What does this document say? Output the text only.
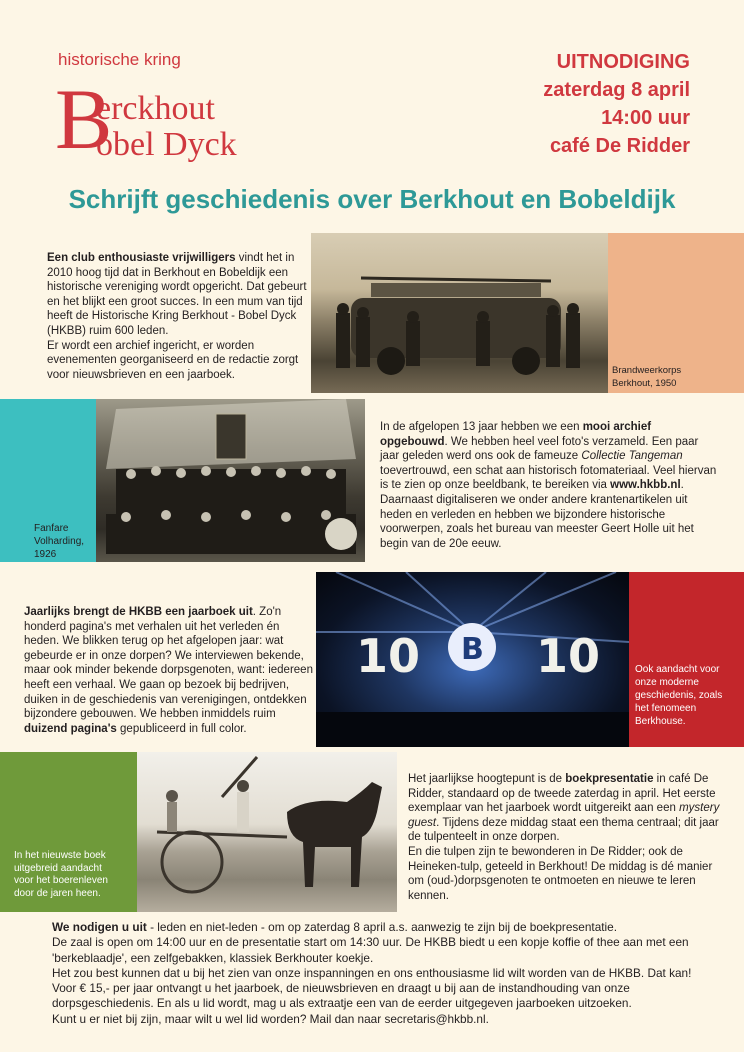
historische kring
B
erckhout
obel Dyck
UITNODIGING
zaterdag 8 april
14:00 uur
café De Ridder
Schrijft geschiedenis over Berkhout en Bobeldijk
Een club enthousiaste vrijwilligers vindt het in 2010 hoog tijd dat in Berkhout en Bobeldijk een historische vereniging wordt opgericht. Dat gebeurt en het blijkt een groot succes. In een mum van tijd heeft de Historische Kring Berkhout - Bobel Dyck (HKBB) ruim 600 leden.
Er wordt een archief ingericht, er worden evenementen georganiseerd en de redactie zorgt voor nieuwsbrieven en een jaarboek.	Brandweerkorps
Berkhout, 1950
Fanfare
Volharding,
1926
In de afgelopen 13 jaar hebben we een mooi archief opgebouwd. We hebben heel veel foto's verzameld. Een paar jaar geleden werd ons ook de fameuze Collectie Tangeman toevertrouwd, een schat aan historisch fotomateriaal. Veel hiervan is te zien op onze beeldbank, te bereiken via www.hkbb.nl. Daarnaast digitaliseren we onder andere krantenartikelen uit heden en verleden en hebben we bijzondere historische voorwerpen, zoals het bureau van meester Geert Holle uit het begin van de 20e eeuw.
Jaarlijks brengt de HKBB een jaarboek uit. Zo'n honderd pagina's met verhalen uit het verleden én heden. We blikken terug op het afgelopen jaar: wat gebeurde er in onze dorpen? We interviewen bekende, maar ook minder bekende dorpsgenoten, want: iedereen heeft een verhaal. We gaan op bezoek bij bedrijven, duiken in de geschiedenis van verenigingen, ontdekken bijzondere gebouwen. We hebben inmiddels ruim duizend pagina's gepubliceerd in full color.
10 B 10	Ook aandacht voor onze moderne geschiedenis, zoals het fenomeen Berkhouse.
In het nieuwste boek uitgebreid aandacht voor het boerenleven door de jaren heen.
Het jaarlijkse hoogtepunt is de boekpresentatie in café De Ridder, standaard op de tweede zaterdag in april. Het eerste exemplaar van het jaarboek wordt uitgereikt aan een mystery guest. Tijdens deze middag staat een thema centraal; dit jaar de tulpenteelt in onze dorpen.
En die tulpen zijn te bewonderen in De Ridder; ook de Heineken-tulp, geteeld in Berkhout! De middag is dé manier om (oud-)dorpsgenoten te ontmoeten en nieuwe te leren kennen.
We nodigen u uit - leden en niet-leden - om op zaterdag 8 april a.s. aanwezig te zijn bij de boekpresentatie.
De zaal is open om 14:00 uur en de presentatie start om 14:30 uur. De HKBB biedt u een kopje koffie of thee aan met een 'berkeblaadje', een zelfgebakken, klassiek Berkhouter koekje.
Het zou best kunnen dat u bij het zien van onze inspanningen en ons enthousiasme lid wilt worden van de HKBB. Dat kan! Voor € 15,- per jaar ontvangt u het jaarboek, de nieuwsbrieven en draagt u bij aan de instandhouding van onze dorpsgeschiedenis. En als u lid wordt, mag u als extraatje een van de eerder uitgegeven jaarboeken uitzoeken.
Kunt u er niet bij zijn, maar wilt u wel lid worden? Mail dan naar secretaris@hkbb.nl.
